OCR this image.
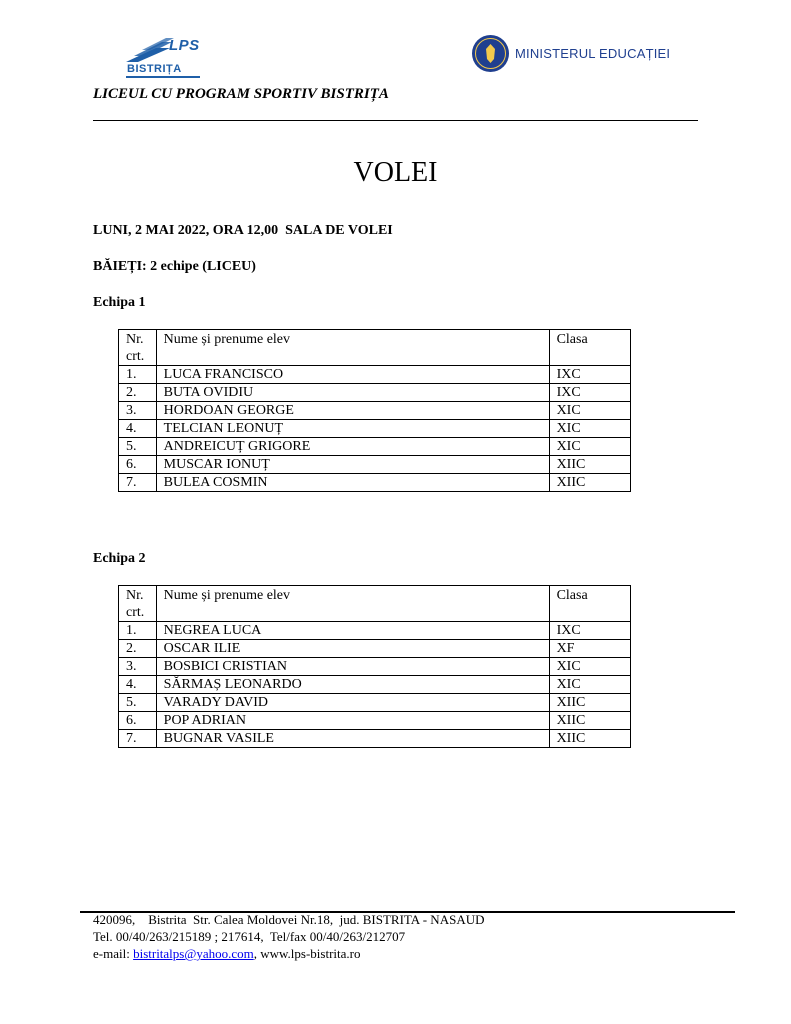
LPS
BISTRIȚA
MINISTERUL EDUCAȚIEI
LICEUL CU PROGRAM SPORTIV BISTRIȚA
VOLEI
LUNI, 2 MAI 2022, ORA 12,00  SALA DE VOLEI
BĂIEȚI: 2 echipe (LICEU)
Echipa 1
Nr. crt.	Nume și prenume elev	Clasa
1.	LUCA FRANCISCO	IXC
2.	BUTA OVIDIU	IXC
3.	HORDOAN GEORGE	XIC
4.	TELCIAN LEONUȚ	XIC
5.	ANDREICUȚ GRIGORE	XIC
6.	MUSCAR IONUȚ	XIIC
7.	BULEA COSMIN	XIIC
Echipa 2
Nr. crt.	Nume și prenume elev	Clasa
1.	NEGREA LUCA	IXC
2.	OSCAR ILIE	XF
3.	BOSBICI CRISTIAN	XIC
4.	SĂRMAȘ LEONARDO	XIC
5.	VARADY DAVID	XIIC
6.	POP ADRIAN	XIIC
7.	BUGNAR VASILE	XIIC
420096,    Bistrita  Str. Calea Moldovei Nr.18,  jud. BISTRITA - NASAUD
Tel. 00/40/263/215189 ; 217614,  Tel/fax 00/40/263/212707
e-mail: bistritalps@yahoo.com, www.lps-bistrita.ro
